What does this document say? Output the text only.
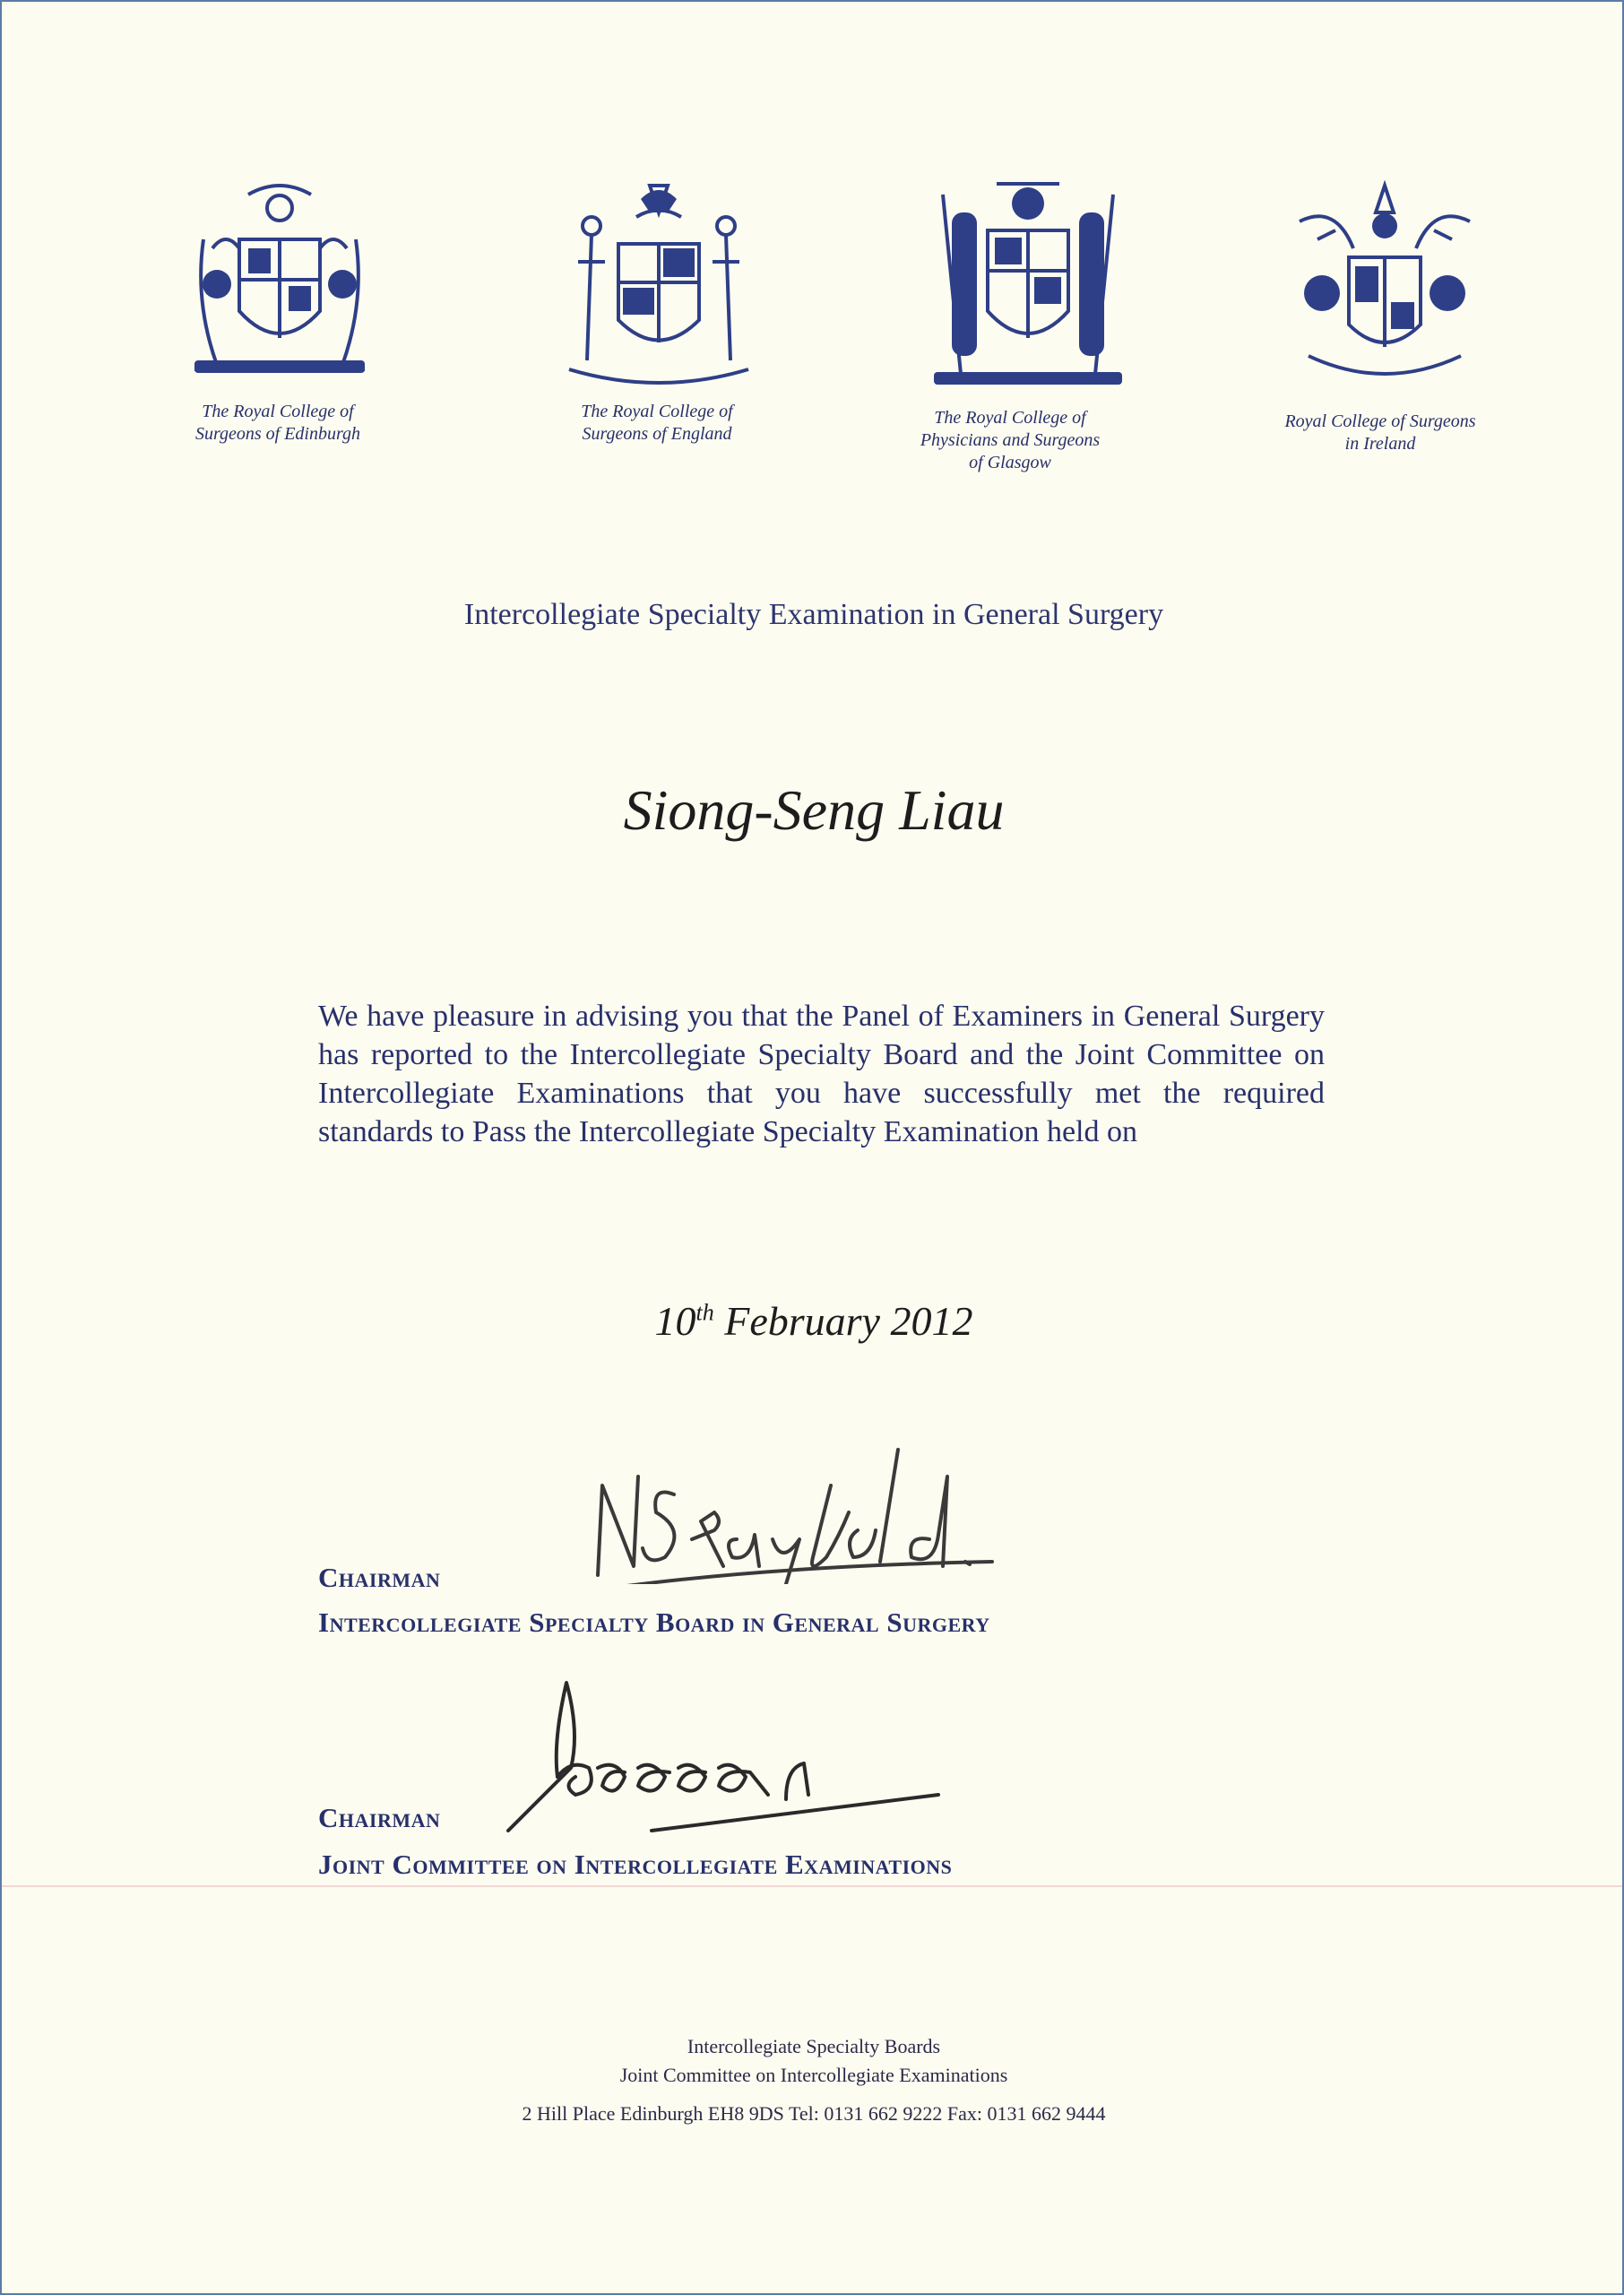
The Royal College of
Surgeons of Edinburgh
The Royal College of
Surgeons of England
The Royal College of
Physicians and Surgeons
of Glasgow
Royal College of Surgeons
in Ireland
Intercollegiate Specialty Examination in General Surgery
Siong-Seng Liau
We have pleasure in advising you that the Panel of Examiners in General Surgery has reported to the Intercollegiate Specialty Board and the Joint Committee on Intercollegiate Examinations that you have successfully met the required standards to Pass the Intercollegiate Specialty Examination held on
10th February 2012
Chairman
Intercollegiate Specialty Board in General Surgery
Chairman
Joint Committee on Intercollegiate Examinations
Intercollegiate Specialty Boards
Joint Committee on Intercollegiate Examinations
2 Hill Place Edinburgh EH8 9DS Tel: 0131 662 9222 Fax: 0131 662 9444
